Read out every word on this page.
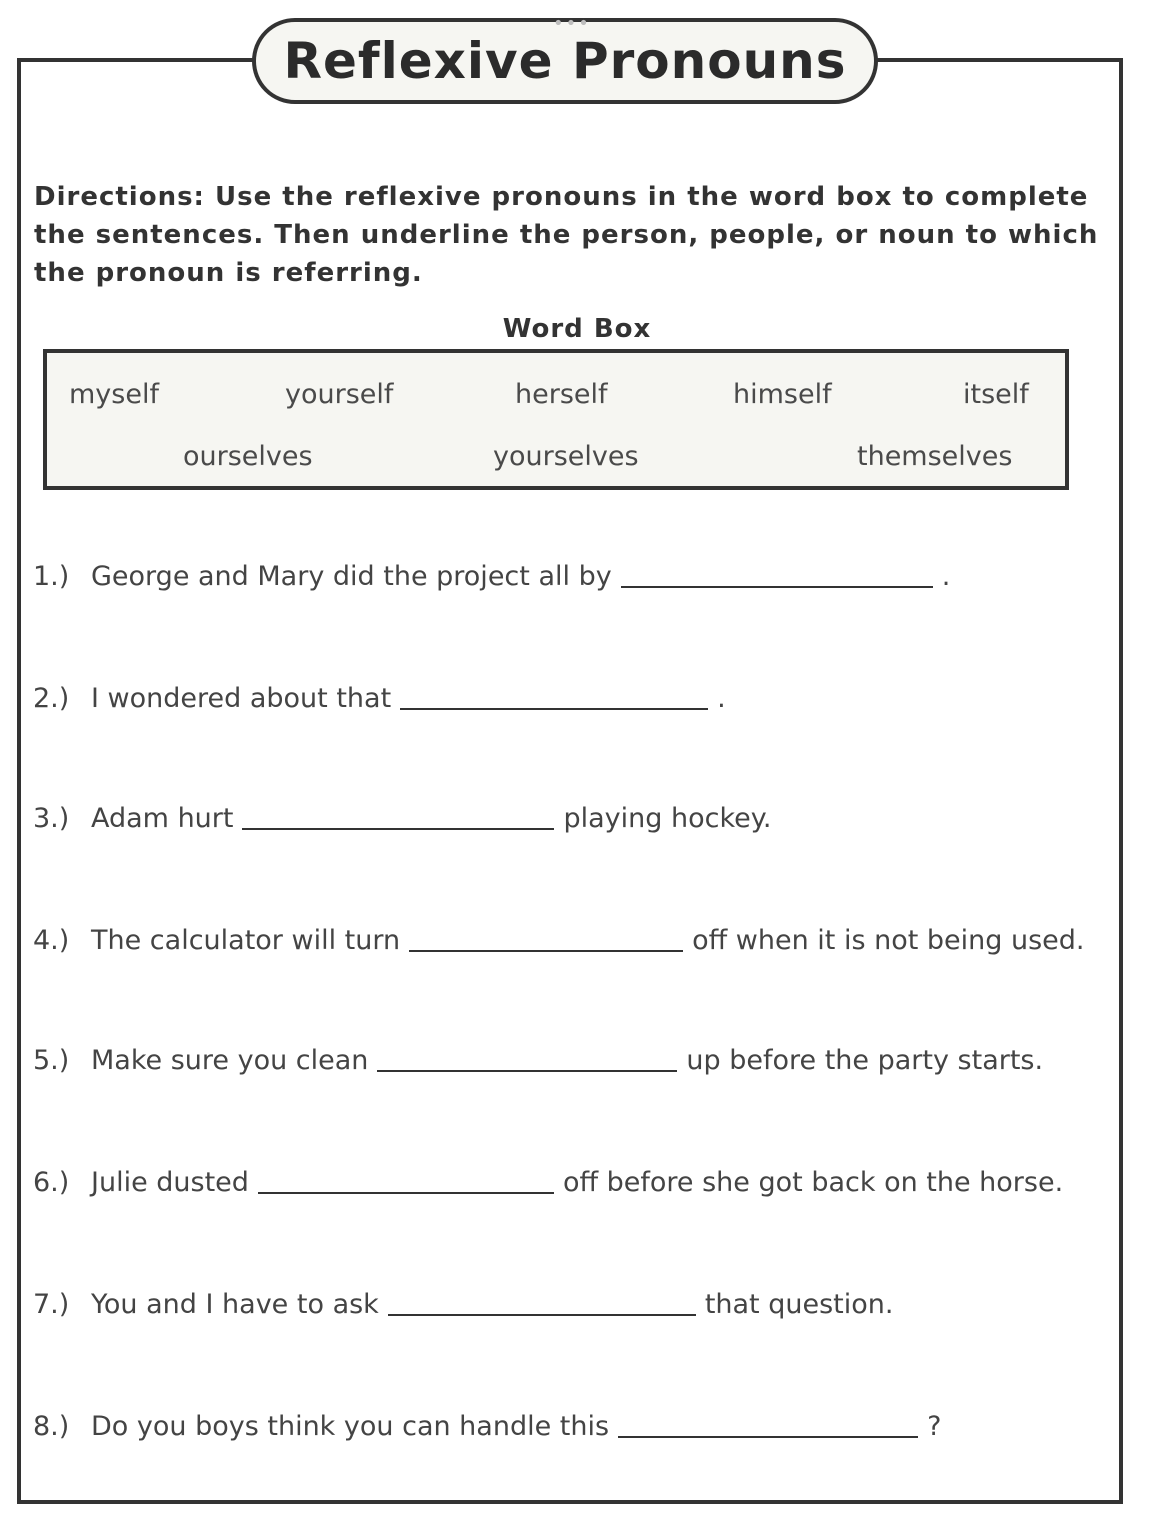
•••
Reflexive Pronouns

Directions: Use the reflexive pronouns in the word box to complete

the sentences. Then underline the person, people, or noun to which

the pronoun is referring.

Word Box
myself	yourself	herself	himself	itself
ourselves	yourselves	themselves
1.) George and Mary did the project all by	.
2.) I wondered about that	.
3.) Adam hurt	playing hockey.
4.) The calculator will turn	off when it is not being used.
5.) Make sure you clean	up before the party starts.
6.) Julie dusted	off before she got back on the horse.
7.) You and I have to ask	that question.
8.) Do you boys think you can handle this	?
